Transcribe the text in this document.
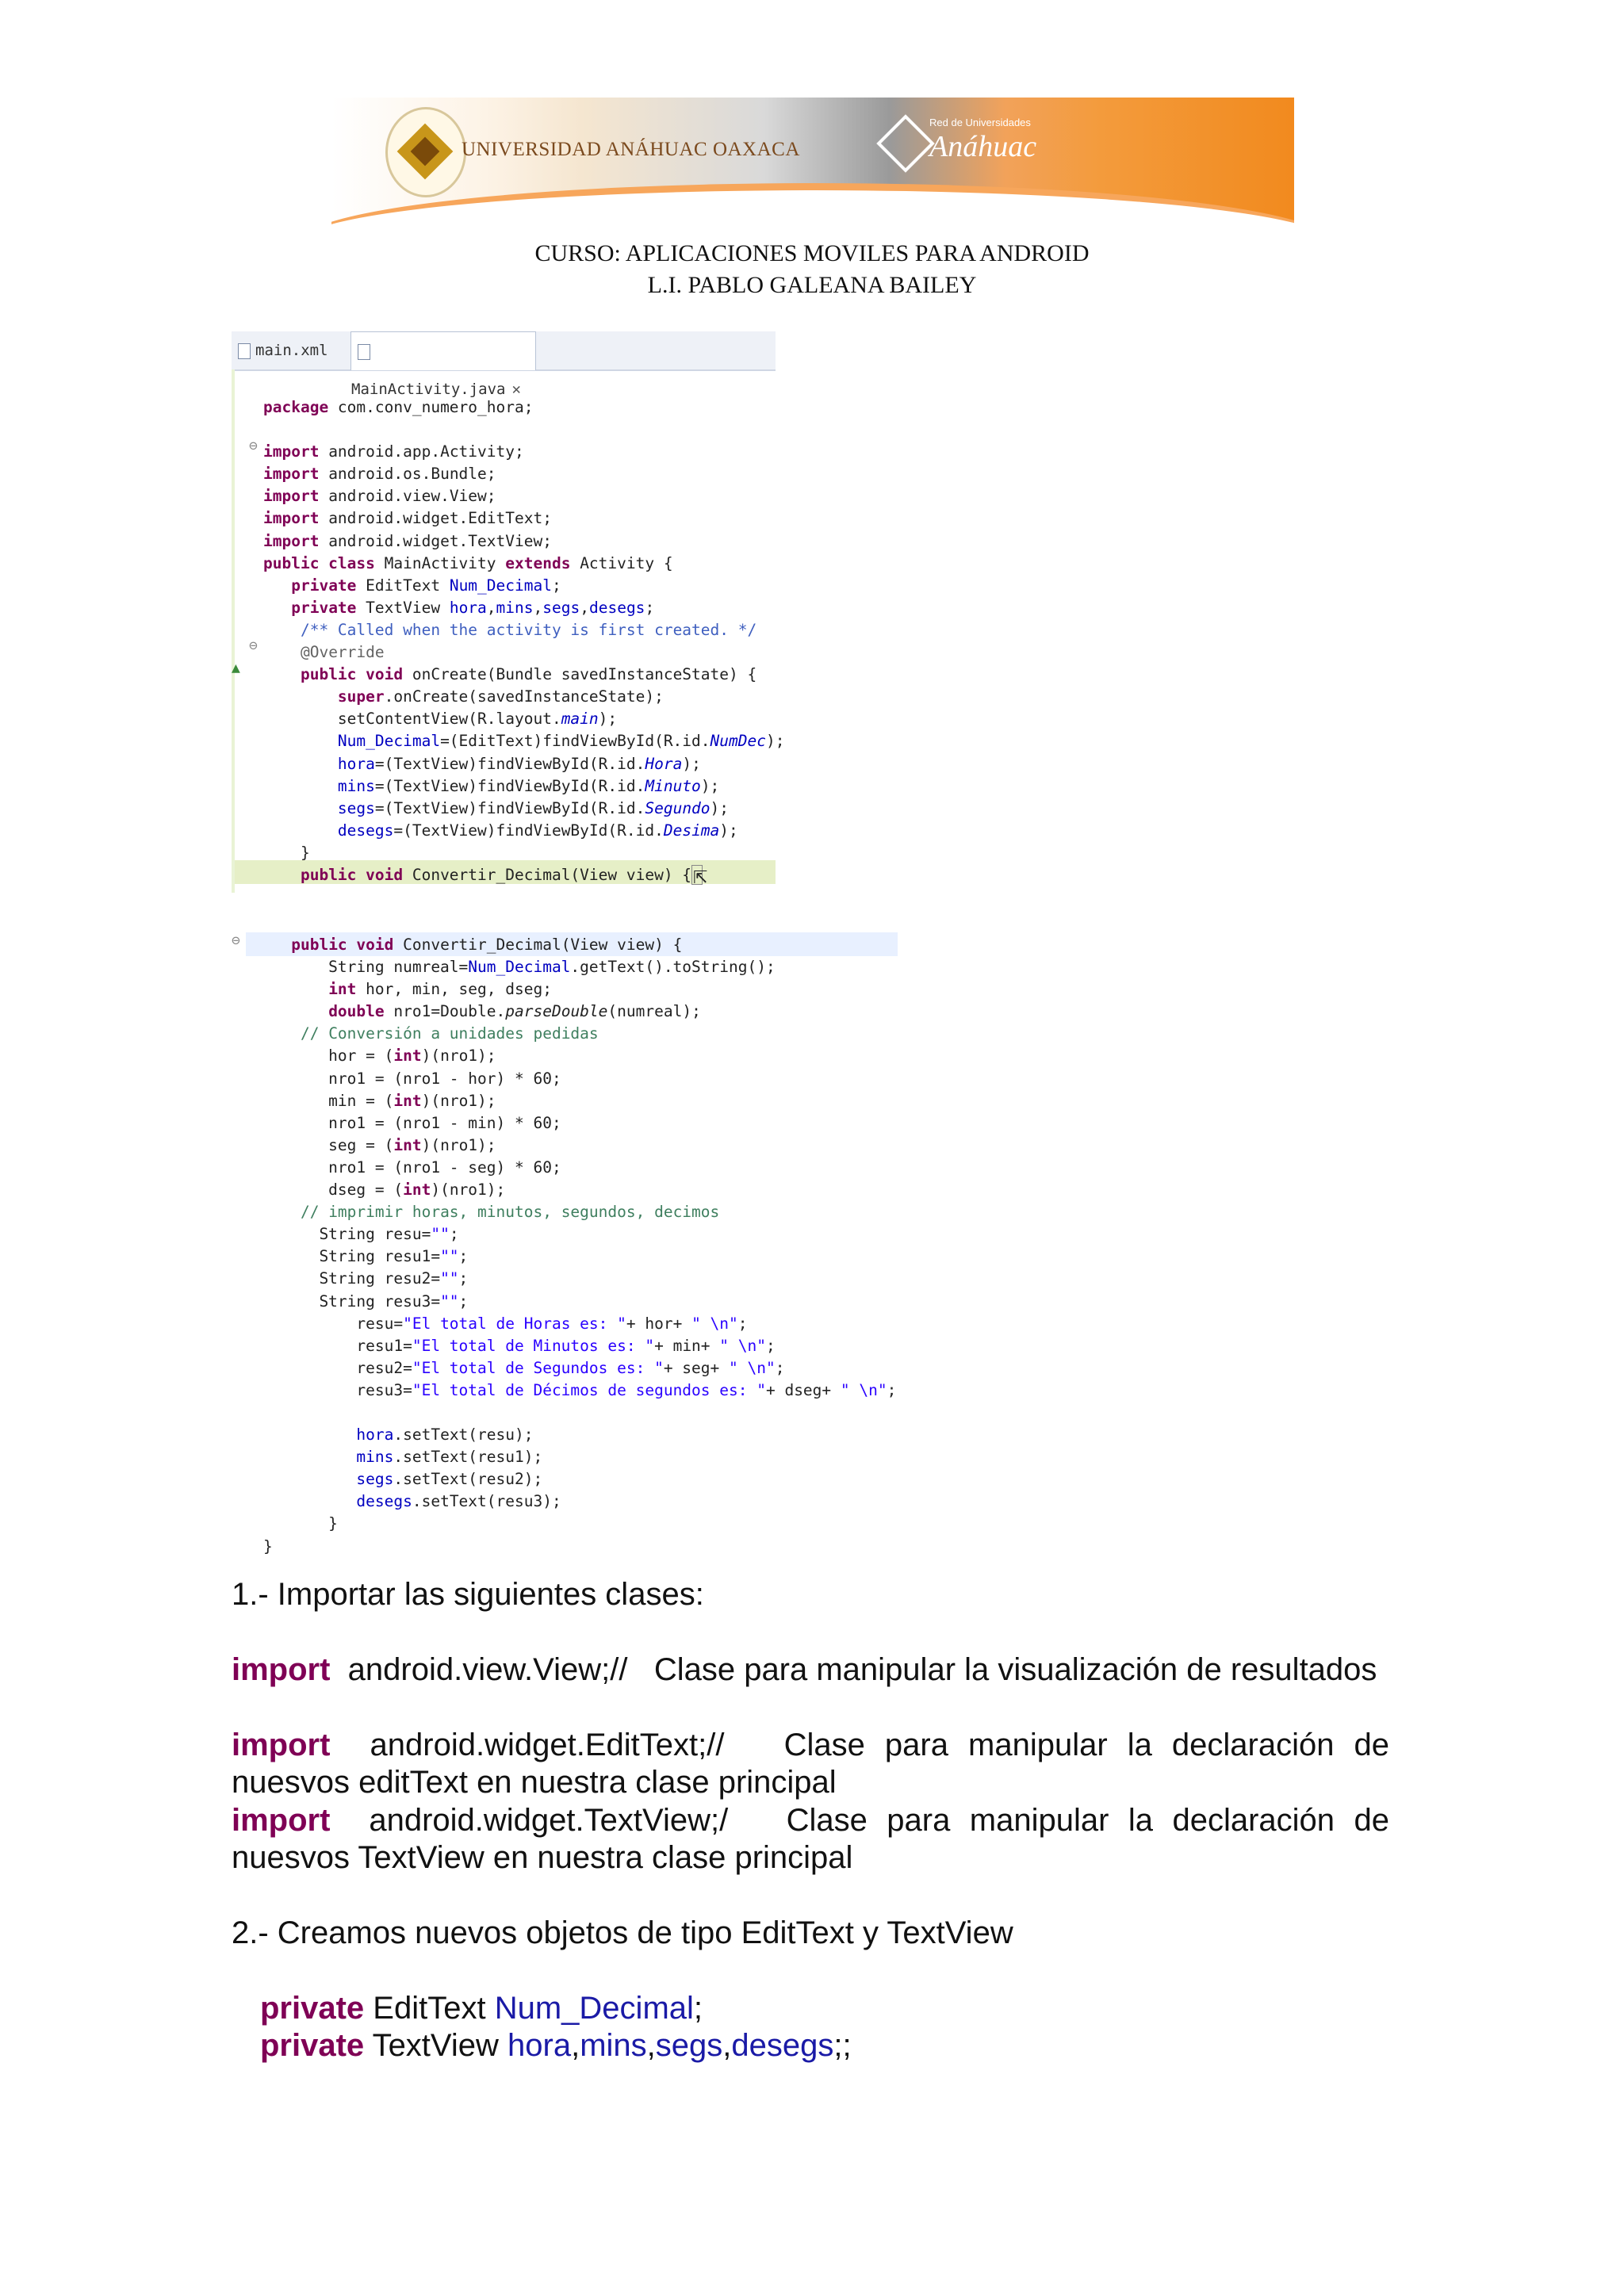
UNIVERSIDAD ANÁHUAC OAXACA
Red de Universidades
Anáhuac
CURSO: APLICACIONES MOVILES PARA ANDROID
L.I. PABLO GALEANA BAILEY
main.xml
MainActivity.java ✕
⊖
⊖
▲
package com.conv_numero_hora;

import android.app.Activity;
import android.os.Bundle;
import android.view.View;
import android.widget.EditText;
import android.widget.TextView;
public class MainActivity extends Activity {
private EditText Num_Decimal;
private TextView hora,mins,segs,desegs;
/** Called when the activity is first created. */
@Override
public void onCreate(Bundle savedInstanceState) {
super.onCreate(savedInstanceState);
setContentView(R.layout.main);
Num_Decimal=(EditText)findViewById(R.id.NumDec);
hora=(TextView)findViewById(R.id.Hora);
mins=(TextView)findViewById(R.id.Minuto);
segs=(TextView)findViewById(R.id.Segundo);
desegs=(TextView)findViewById(R.id.Desima);
}
public void Convertir_Decimal(View view) { ⇱
⊖	public void Convertir_Decimal(View view) {
String numreal=Num_Decimal.getText().toString();
int hor, min, seg, dseg;
double nro1=Double.parseDouble(numreal);
// Conversión a unidades pedidas
hor = (int)(nro1);
nro1 = (nro1 - hor) * 60;
min = (int)(nro1);
nro1 = (nro1 - min) * 60;
seg = (int)(nro1);
nro1 = (nro1 - seg) * 60;
dseg = (int)(nro1);
// imprimir horas, minutos, segundos, decimos
String resu="";
String resu1="";
String resu2="";
String resu3="";
resu="El total de Horas es: "+ hor+ " \n";
resu1="El total de Minutos es: "+ min+ " \n";
resu2="El total de Segundos es: "+ seg+ " \n";
resu3="El total de Décimos de segundos es: "+ dseg+ " \n";

hora.setText(resu);
mins.setText(resu1);
segs.setText(resu2);
desegs.setText(resu3);
}
}
1.- Importar las siguientes clases:
import android.view.View;// Clase para manipular la visualización de resultados
import android.widget.EditText;// Clase para manipular la declaración de nuesvos editText en nuestra clase principal
import android.widget.TextView;/ Clase para manipular la declaración de nuesvos TextView en nuestra clase principal
2.- Creamos nuevos objetos de tipo EditText y TextView
private EditText Num_Decimal;
private TextView hora,mins,segs,desegs;;
